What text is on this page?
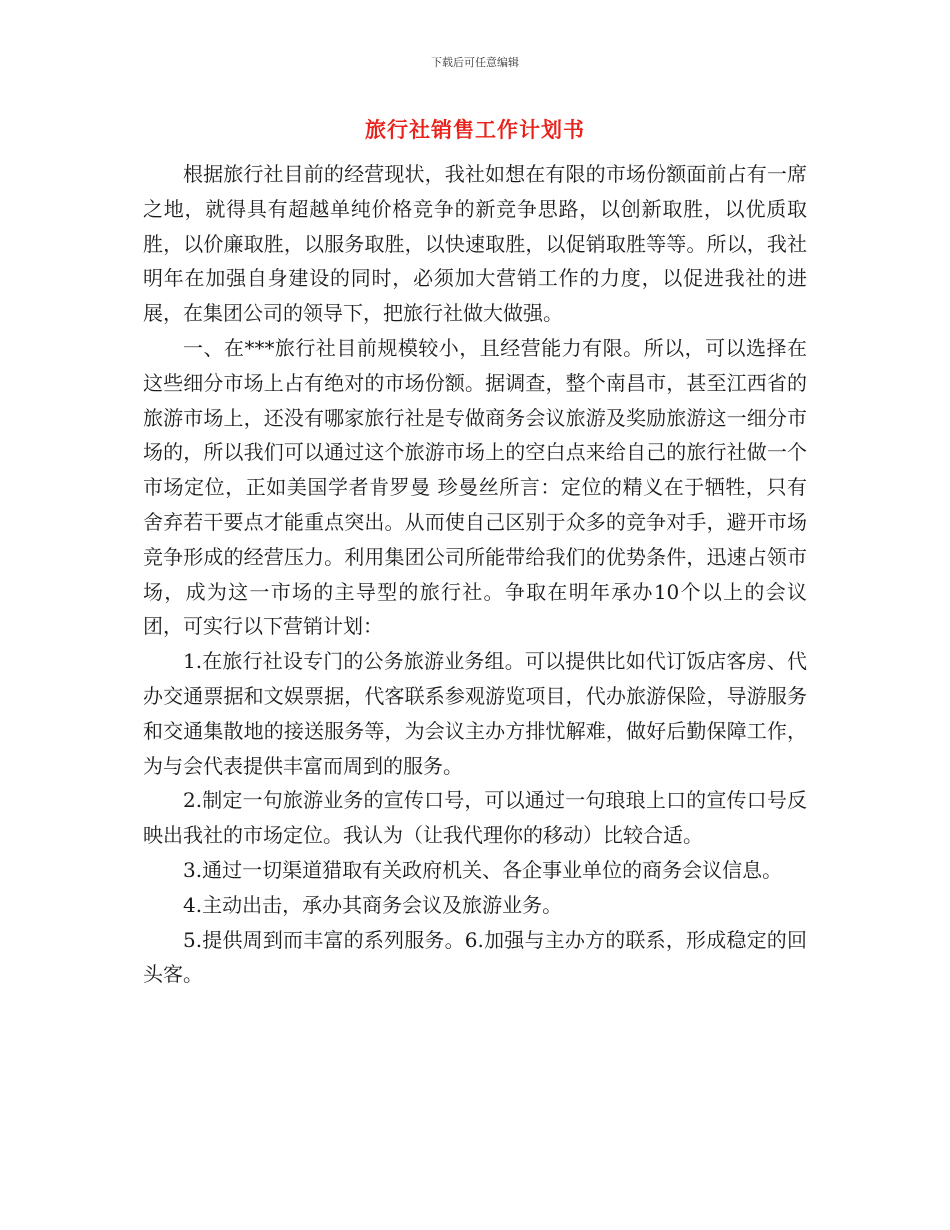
下载后可任意编辑
旅行社销售工作计划书

根据旅行社目前的经营现状，我社如想在有限的市场份额面前占有一席之地，就得具有超越单纯价格竞争的新竞争思路，以创新取胜，以优质取胜，以价廉取胜，以服务取胜，以快速取胜，以促销取胜等等。所以，我社明年在加强自身建设的同时，必须加大营销工作的力度，以促进我社的进展，在集团公司的领导下，把旅行社做大做强。

一、在***旅行社目前规模较小，且经营能力有限。所以，可以选择在这些细分市场上占有绝对的市场份额。据调查，整个南昌市，甚至江西省的旅游市场上，还没有哪家旅行社是专做商务会议旅游及奖励旅游这一细分市场的，所以我们可以通过这个旅游市场上的空白点来给自己的旅行社做一个市场定位，正如美国学者肯罗曼 珍曼丝所言：定位的精义在于牺牲，只有舍弃若干要点才能重点突出。从而使自己区别于众多的竞争对手，避开市场竞争形成的经营压力。利用集团公司所能带给我们的优势条件，迅速占领市场，成为这一市场的主导型的旅行社。争取在明年承办10个以上的会议团，可实行以下营销计划：

1.在旅行社设专门的公务旅游业务组。可以提供比如代订饭店客房、代办交通票据和文娱票据，代客联系参观游览项目，代办旅游保险，导游服务和交通集散地的接送服务等，为会议主办方排忧解难，做好后勤保障工作，为与会代表提供丰富而周到的服务。

2.制定一句旅游业务的宣传口号，可以通过一句琅琅上口的宣传口号反映出我社的市场定位。我认为（让我代理你的移动）比较合适。

3.通过一切渠道猎取有关政府机关、各企事业单位的商务会议信息。

4.主动出击，承办其商务会议及旅游业务。

5.提供周到而丰富的系列服务。6.加强与主办方的联系，形成稳定的回头客。
